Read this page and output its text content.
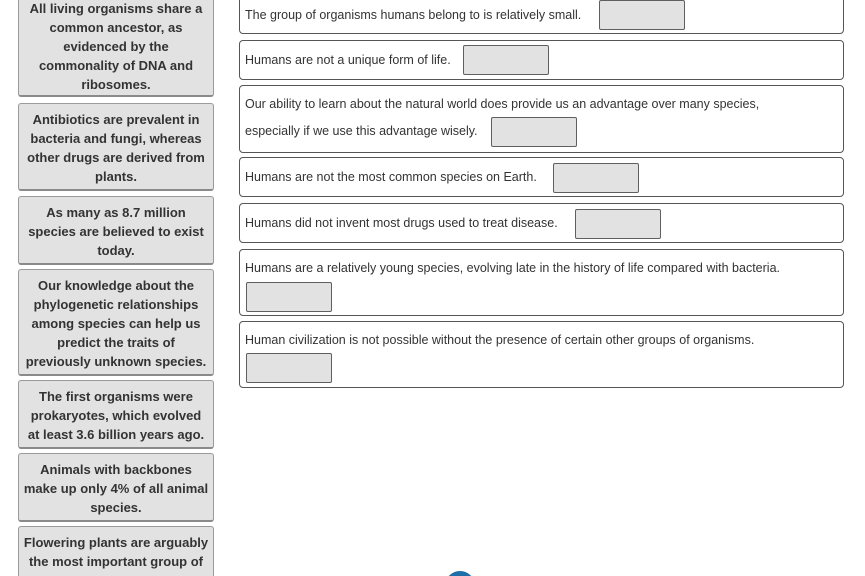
All living organisms share a
common ancestor, as
evidenced by the
commonality of DNA and
ribosomes.
Antibiotics are prevalent in
bacteria and fungi, whereas
other drugs are derived from
plants.
As many as 8.7 million
species are believed to exist
today.
Our knowledge about the
phylogenetic relationships
among species can help us
predict the traits of
previously unknown species.
The first organisms were
prokaryotes, which evolved
at least 3.6 billion years ago.
Animals with backbones
make up only 4% of all animal
species.
Flowering plants are arguably
the most important group of
The group of organisms humans belong to is relatively small.
Humans are not a unique form of life.
Our ability to learn about the natural world does provide us an advantage over many species,
especially if we use this advantage wisely.
Humans are not the most common species on Earth.
Humans did not invent most drugs used to treat disease.
Humans are a relatively young species, evolving late in the history of life compared with bacteria.
Human civilization is not possible without the presence of certain other groups of organisms.
